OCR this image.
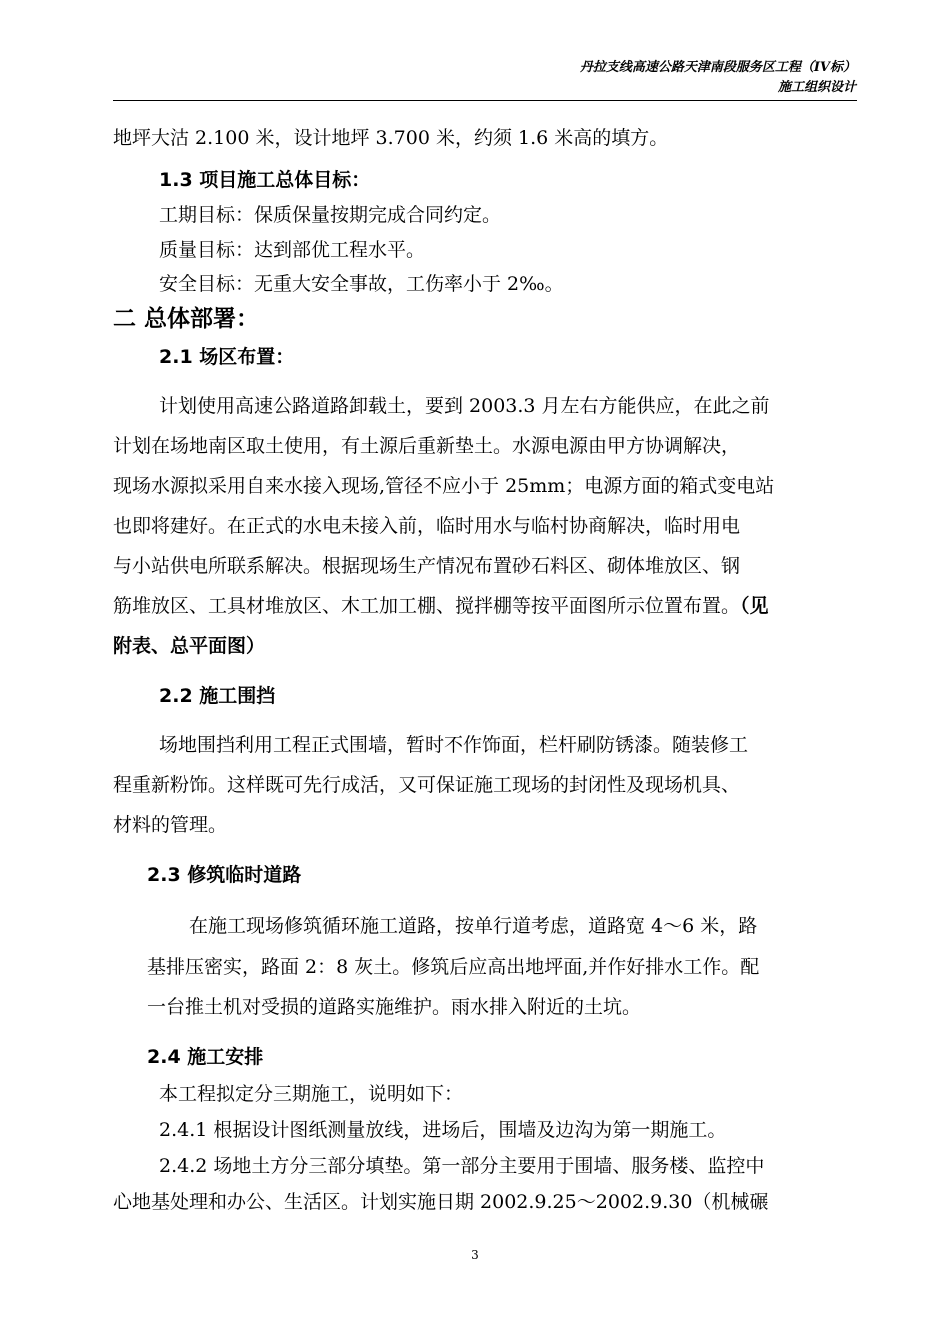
丹拉支线高速公路天津南段服务区工程（IV标）
施工组织设计
地坪大沽 2.100 米，设计地坪 3.700 米，约须 1.6 米高的填方。
1.3 项目施工总体目标：
工期目标：保质保量按期完成合同约定。
质量目标：达到部优工程水平。
安全目标：无重大安全事故，工伤率小于 2‰。
二 总体部署：
2.1 场区布置：
计划使用高速公路道路卸载土，要到 2003.3 月左右方能供应，在此之前
计划在场地南区取土使用，有土源后重新垫土。水源电源由甲方协调解决，
现场水源拟采用自来水接入现场,管径不应小于 25mm；电源方面的箱式变电站
也即将建好。在正式的水电未接入前，临时用水与临村协商解决，临时用电
与小站供电所联系解决。根据现场生产情况布置砂石料区、砌体堆放区、钢
筋堆放区、工具材堆放区、木工加工棚、搅拌棚等按平面图所示位置布置。（见
附表、总平面图）
2.2 施工围挡
场地围挡利用工程正式围墙，暂时不作饰面，栏杆刷防锈漆。随装修工
程重新粉饰。这样既可先行成活，又可保证施工现场的封闭性及现场机具、
材料的管理。
2.3 修筑临时道路
在施工现场修筑循环施工道路，按单行道考虑，道路宽 4～6 米，路
基排压密实，路面 2：8 灰土。修筑后应高出地坪面,并作好排水工作。配
一台推土机对受损的道路实施维护。雨水排入附近的土坑。
2.4 施工安排
本工程拟定分三期施工，说明如下：
2.4.1 根据设计图纸测量放线，进场后，围墙及边沟为第一期施工。
2.4.2 场地土方分三部分填垫。第一部分主要用于围墙、服务楼、监控中
心地基处理和办公、生活区。计划实施日期 2002.9.25～2002.9.30（机械碾
3
